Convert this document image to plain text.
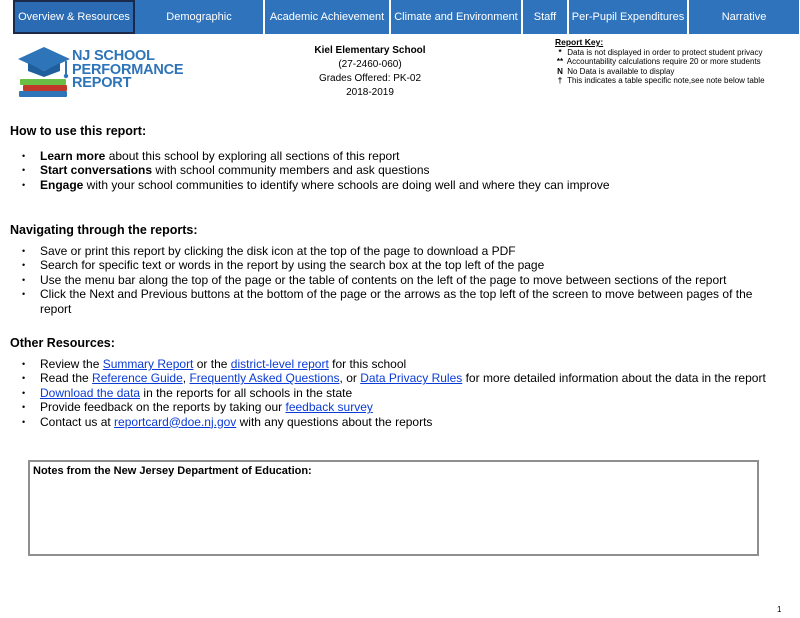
Overview & Resources	Demographic	Academic Achievement Climate and Environment	Staff	Per-Pupil Expenditures	Narrative
NJ SCHOOL
PERFORMANCE
REPORT
Kiel Elementary School
(27-2460-060)
Grades Offered: PK-02
2018-2019
Report Key:
* Data is not displayed in order to protect student privacy
** Accountability calculations require 20 or more students
N No Data is available to display
† This indicates a table specific note,see note below table
How to use this report:
• Learn more about this school by exploring all sections of this report
• Start conversations with school community members and ask questions
• Engage with your school communities to identify where schools are doing well and where they can improve
Navigating through the reports:
• Save or print this report by clicking the disk icon at the top of the page to download a PDF
• Search for specific text or words in the report by using the search box at the top left of the page
• Use the menu bar along the top of the page or the table of contents on the left of the page to move between sections of the report
• Click the Next and Previous buttons at the bottom of the page or the arrows as the top left of the screen to move between pages of the report
Other Resources:
• Review the Summary Report or the district-level report for this school
• Read the Reference Guide, Frequently Asked Questions, or Data Privacy Rules for more detailed information about the data in the report
• Download the data in the reports for all schools in the state
• Provide feedback on the reports by taking our feedback survey
• Contact us at reportcard@doe.nj.gov with any questions about the reports
Notes from the New Jersey Department of Education:
1
